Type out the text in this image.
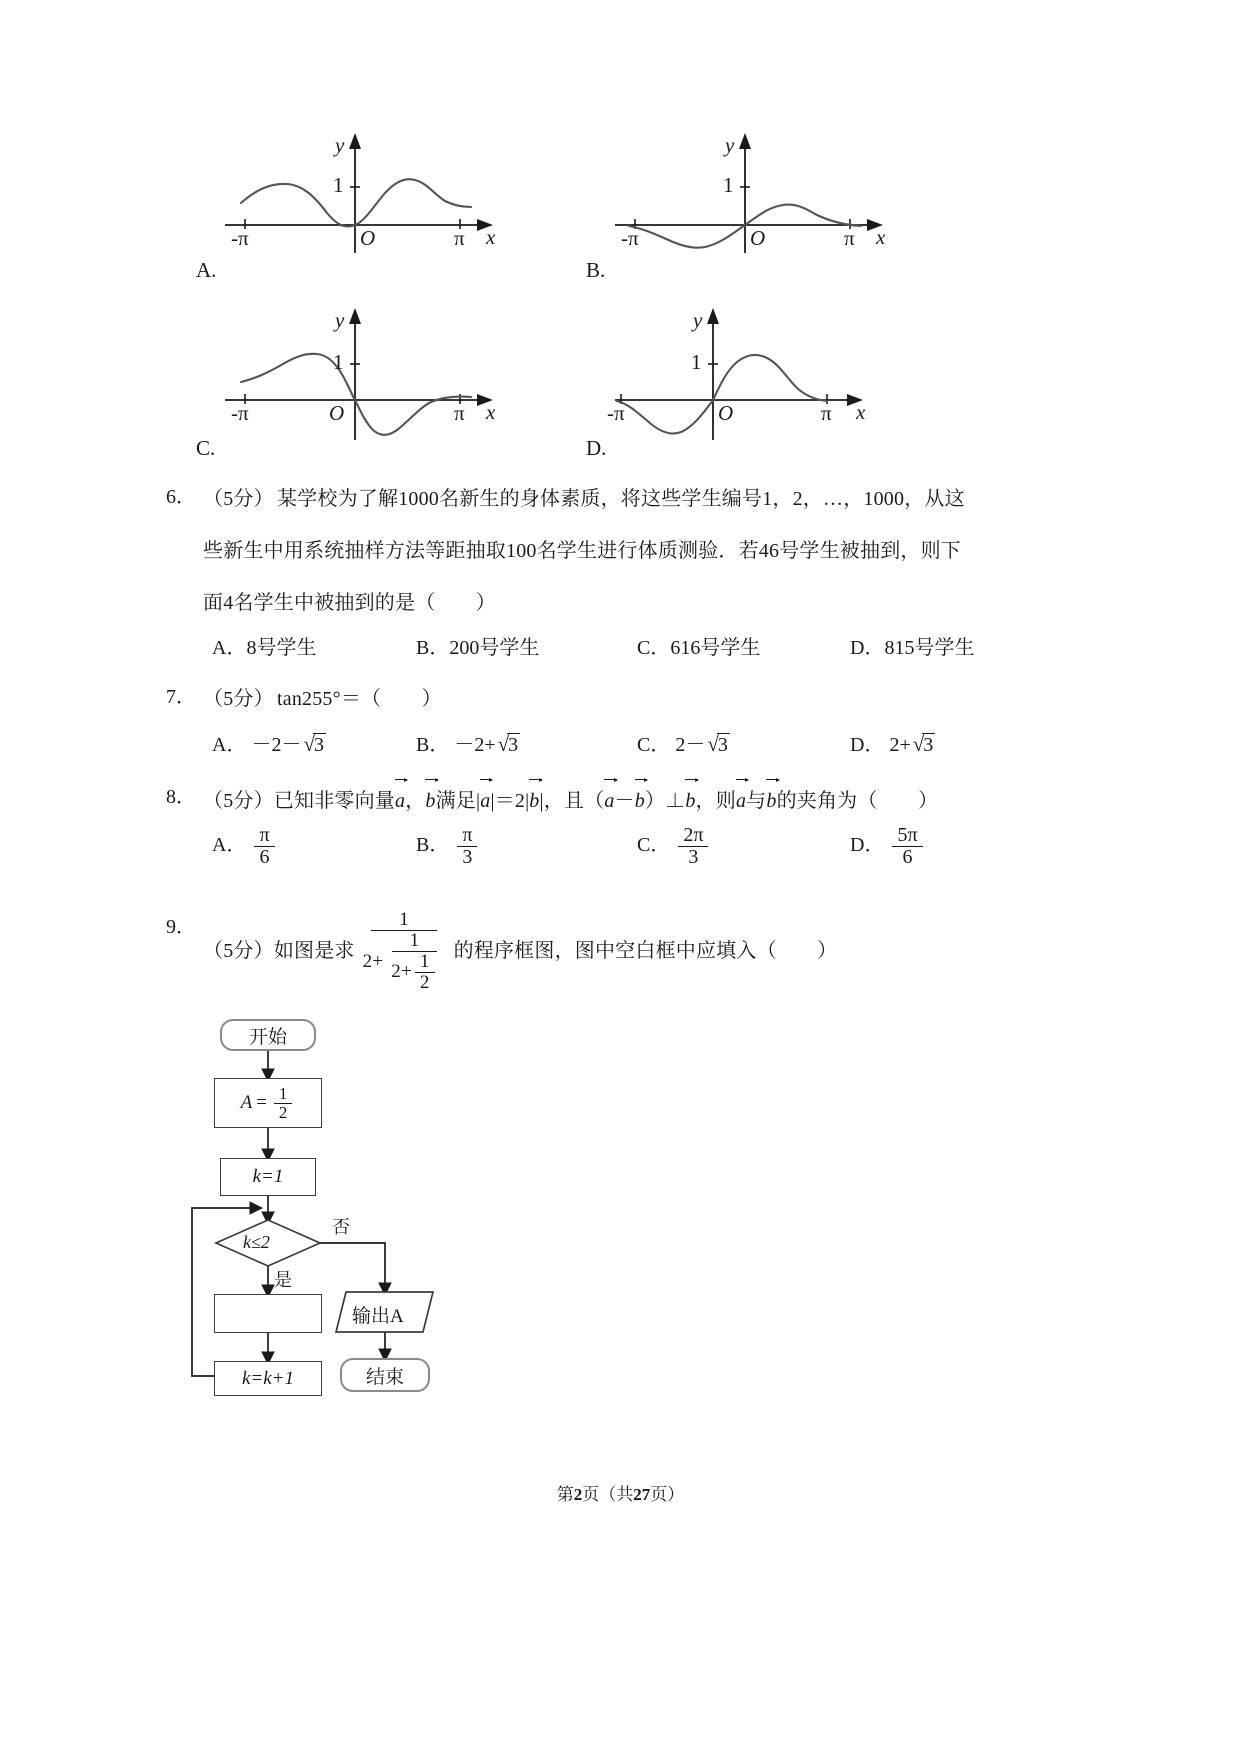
y
x
O
1
-π	π
A.
y
x
O
1
-π	π
B.
y
x
O
1
-π	π
C.
y
x
O
1
-π	π
D.
6． （5分） 某学校为了解1000名新生的身体素质，将这些学生编号1，2，…，1000，从这
些新生中用系统抽样方法等距抽取100名学生进行体质测验．若46号学生被抽到，则下
面4名学生中被抽到的是（　　）
A．8号学生	B．200号学生	C．616号学生	D．815号学生
7． （5分） tan255°＝（　　）
A． －2－√3	B． －2+√3	C． 2－√3	D． 2+√3
8． （5分）已知非零向量
a，
b满足|
a|＝2|
b|，且（
a－
b）⊥
b，则
a与
b的夹角为（　　）
A． $\frac{\pi}{6}$	B． $\frac{\pi}{3}$	C． $\frac{2\pi}{3}$	D． $\frac{5\pi}{6}$
9．
（5分） 如图是求
1
$2+ \frac{1}{2+ \frac{1}{2}}$ 的程序框图，图中空白框中应填入（　　）
开始
$A = \frac{1}{2}$
k=1
k≤2
否
是
k=k+1
输出A
结束
第2页（共27页）
